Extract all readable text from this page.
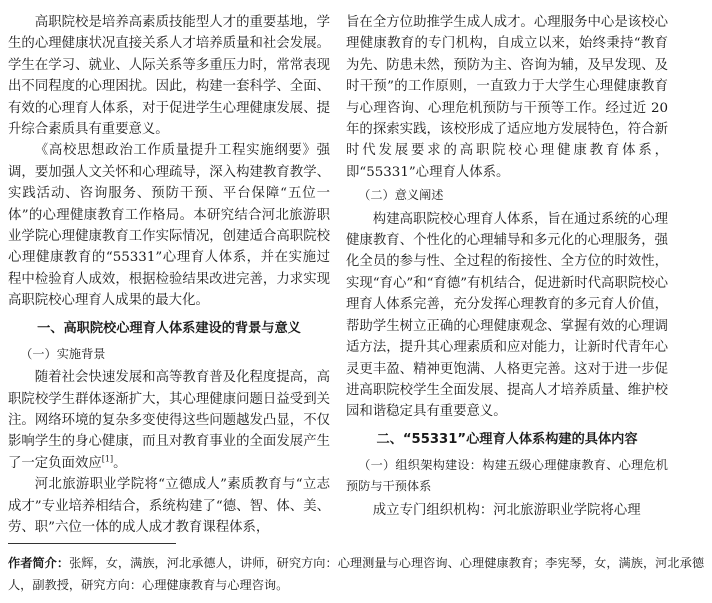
高职院校是培养高素质技能型人才的重要基地，学生的心理健康状况直接关系人才培养质量和社会发展。学生在学习、就业、人际关系等多重压力时，常常表现出不同程度的心理困扰。因此，构建一套科学、全面、有效的心理育人体系，对于促进学生心理健康发展、提升综合素质具有重要意义。

《高校思想政治工作质量提升工程实施纲要》强调，要加强人文关怀和心理疏导，深入构建教育教学、实践活动、咨询服务、预防干预、平台保障“五位一体”的心理健康教育工作格局。本研究结合河北旅游职业学院心理健康教育工作实际情况，创建适合高职院校心理健康教育的“55331”心理育人体系，并在实施过程中检验育人成效，根据检验结果改进完善，力求实现高职院校心理育人成果的最大化。

一、高职院校心理育人体系建设的背景与意义
（一）实施背景

随着社会快速发展和高等教育普及化程度提高，高职院校学生群体逐渐扩大，其心理健康问题日益受到关注。网络环境的复杂多变使得这些问题越发凸显，不仅影响学生的身心健康，而且对教育事业的全面发展产生了一定负面效应[1]。

河北旅游职业学院将“立德成人”素质教育与“立志成才”专业培养相结合，系统构建了“德、智、体、美、劳、职”六位一体的成人成才教育课程体系，

旨在全方位助推学生成人成才。心理服务中心是该校心理健康教育的专门机构，自成立以来，始终秉持“教育为先、防患未然，预防为主、咨询为辅，及早发现、及时干预”的工作原则，一直致力于大学生心理健康教育与心理咨询、心理危机预防与干预等工作。经过近 20 年的探索实践，该校形成了适应地方发展特色，符合新时代发展要求的高职院校心理健康教育体系，即“55331”心理育人体系。

（二）意义阐述

构建高职院校心理育人体系，旨在通过系统的心理健康教育、个性化的心理辅导和多元化的心理服务，强化全员的参与性、全过程的衔接性、全方位的时效性，实现“育心”和“育德”有机结合，促进新时代高职院校心理育人体系完善，充分发挥心理教育的多元育人价值，帮助学生树立正确的心理健康观念、掌握有效的心理调适方法，提升其心理素质和应对能力，让新时代青年心灵更丰盈、精神更饱满、人格更完善。这对于进一步促进高职院校学生全面发展、提高人才培养质量、维护校园和谐稳定具有重要意义。

二、“55331”心理育人体系构建的具体内容
（一）组织架构建设：构建五级心理健康教育、心理危机预防与干预体系

成立专门组织机构：河北旅游职业学院将心理

作者简介：张辉，女，满族，河北承德人，讲师，研究方向：心理测量与心理咨询、心理健康教育；李宪琴，女，满族，河北承德人，副教授，研究方向：心理健康教育与心理咨询。
